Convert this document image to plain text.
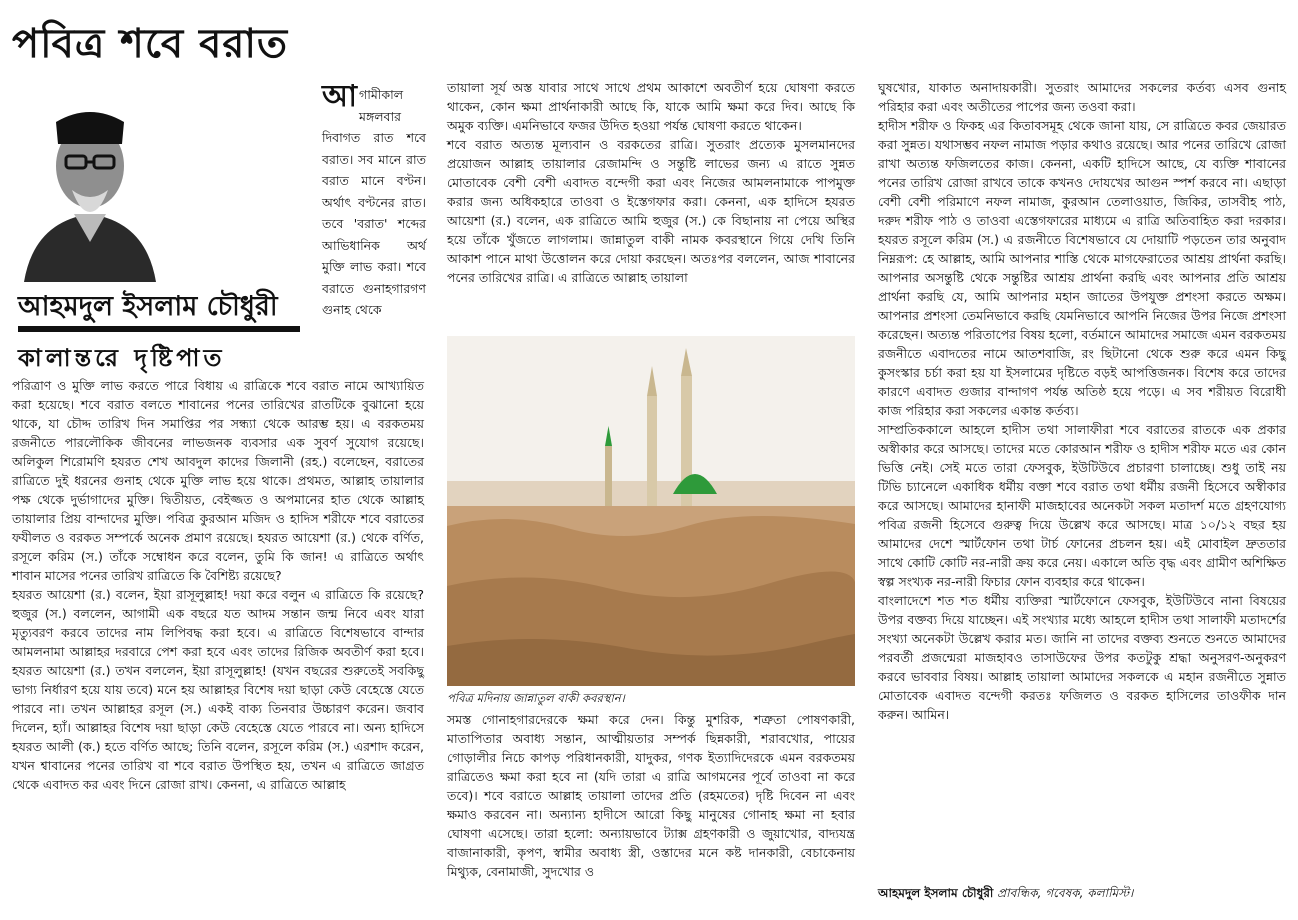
পবিত্র শবে বরাত
আহমদুল ইসলাম চৌধুরী
কালান্তরে দৃষ্টিপাত
আগামীকাল মঙ্গলবার দিবাগত রাত শবে বরাত। সব মানে রাত বরাত মানে বণ্টন। অর্থাৎ বণ্টনের রাত। তবে 'বরাত' শব্দের আভিধানিক অর্থ মুক্তি লাভ করা। শবে বরাতে গুনাহগারগণ গুনাহ থেকে

পরিত্রাণ ও মুক্তি লাভ করতে পারে বিধায় এ রাত্রিকে শবে বরাত নামে আখ্যায়িত করা হয়েছে। শবে বরাত বলতে শাবানের পনের তারিখের রাতটিকে বুঝানো হয়ে থাকে, যা চৌদ্দ তারিখ দিন সমাপ্তির পর সন্ধ্যা থেকে আরম্ভ হয়। এ বরকতময় রজনীতে পারলৌকিক জীবনের লাভজনক ব্যবসার এক সুবর্ণ সুযোগ রয়েছে। অলিকুল শিরোমণি হযরত শেখ আবদুল কাদের জিলানী (রহ.) বলেছেন, বরাতের রাত্রিতে দুই ধরনের গুনাহ থেকে মুক্তি লাভ হয়ে থাকে। প্রথমত, আল্লাহ তায়ালার পক্ষ থেকে দুর্ভাগাদের মুক্তি। দ্বিতীয়ত, বেইজ্জত ও অপমানের হাত থেকে আল্লাহ তায়ালার প্রিয় বান্দাদের মুক্তি। পবিত্র কুরআন মজিদ ও হাদিস শরীফে শবে বরাতের ফযীলত ও বরকত সম্পর্কে অনেক প্রমাণ রয়েছে। হযরত আয়েশা (র.) থেকে বর্ণিত, রসূলে করিম (স.) তাঁকে সম্বোধন করে বলেন, তুমি কি জান! এ রাত্রিতে অর্থাৎ শাবান মাসের পনের তারিখ রাত্রিতে কি বৈশিষ্ট্য রয়েছে?

হযরত আয়েশা (র.) বলেন, ইয়া রাসূলুল্লাহ! দয়া করে বলুন এ রাত্রিতে কি রয়েছে? হুজুর (স.) বললেন, আগামী এক বছরে যত আদম সন্তান জন্ম নিবে এবং যারা মৃত্যুবরণ করবে তাদের নাম লিপিবদ্ধ করা হবে। এ রাত্রিতে বিশেষভাবে বান্দার আমলনামা আল্লাহর দরবারে পেশ করা হবে এবং তাদের রিজিক অবতীর্ণ করা হবে। হযরত আয়েশা (র.) তখন বললেন, ইয়া রাসূলুল্লাহ! (যখন বছরের শুরুতেই সবকিছু ভাগ্য নির্ধারণ হয়ে যায় তবে) মনে হয় আল্লাহর বিশেষ দয়া ছাড়া কেউ বেহেস্তে যেতে পারবে না। তখন আল্লাহর রসূল (স.) একই বাক্য তিনবার উচ্চারণ করেন। জবাব দিলেন, হ্যাঁ। আল্লাহর বিশেষ দয়া ছাড়া কেউ বেহেস্তে যেতে পারবে না। অন্য হাদিসে হযরত আলী (ক.) হতে বর্ণিত আছে; তিনি বলেন, রসূলে করিম (স.) এরশাদ করেন, যখন শ্বাবানের পনের তারিখ বা শবে বরাত উপস্থিত হয়, তখন এ রাত্রিতে জাগ্রত থেকে এবাদত কর এবং দিনে রোজা রাখ। কেননা, এ রাত্রিতে আল্লাহ

তায়ালা সূর্য অস্ত যাবার সাথে সাথে প্রথম আকাশে অবতীর্ণ হয়ে ঘোষণা করতে থাকেন, কোন ক্ষমা প্রার্থনাকারী আছে কি, যাকে আমি ক্ষমা করে দিব। আছে কি অমুক ব্যক্তি। এমনিভাবে ফজর উদিত হওয়া পর্যন্ত ঘোষণা করতে থাকেন।

শবে বরাত অত্যন্ত মূল্যবান ও বরকতের রাত্রি। সুতরাং প্রত্যেক মুসলমানদের প্রয়োজন আল্লাহ তায়ালার রেজামন্দি ও সন্তুষ্টি লাভের জন্য এ রাতে সুন্নত মোতাবেক বেশী বেশী এবাদত বন্দেগী করা এবং নিজের আমলনামাকে পাপমুক্ত করার জন্য অধিকহারে তাওবা ও ইস্তেগফার করা। কেননা, এক হাদিসে হযরত আয়েশা (র.) বলেন, এক রাত্রিতে আমি হুজুর (স.) কে বিছানায় না পেয়ে অস্থির হয়ে তাঁকে খুঁজতে লাগলাম। জান্নাতুল বাকী নামক কবরস্থানে গিয়ে দেখি তিনি আকাশ পানে মাথা উত্তোলন করে দোয়া করছেন। অতঃপর বললেন, আজ শাবানের পনের তারিখের রাত্রি। এ রাত্রিতে আল্লাহ তায়ালা

পবিত্র মদিনায় জান্নাতুল বাকী কবরস্থান।

সমস্ত গোনাহগারদেরকে ক্ষমা করে দেন। কিন্তু মুশরিক, শত্রুতা পোষণকারী, মাতাপিতার অবাধ্য সন্তান, আত্মীয়তার সম্পর্ক ছিন্নকারী, শরাবখোর, পায়ের গোড়ালীর নিচে কাপড় পরিধানকারী, যাদুকর, গণক ইত্যাদিদেরকে এমন বরকতময় রাত্রিতেও ক্ষমা করা হবে না (যদি তারা এ রাত্রি আগমনের পূর্বে তাওবা না করে তবে)। শবে বরাতে আল্লাহ তায়ালা তাদের প্রতি (রহমতের) দৃষ্টি দিবেন না এবং ক্ষমাও করবেন না। অন্যান্য হাদীসে আরো কিছু মানুষের গোনাহ ক্ষমা না হবার ঘোষণা এসেছে। তারা হলো: অন্যায়ভাবে ট্যাক্স গ্রহণকারী ও জুয়াখোর, বাদ্যযন্ত্র বাজানাকারী, কৃপণ, স্বামীর অবাধ্য স্ত্রী, ওস্তাদের মনে কষ্ট দানকারী, বেচাকেনায় মিথ্যুক, বেনামাজী, সুদখোর ও

ঘুষখোর, যাকাত অনাদায়কারী। সুতরাং আমাদের সকলের কর্তব্য এসব গুনাহ পরিহার করা এবং অতীতের পাপের জন্য তওবা করা।

হাদীস শরীফ ও ফিকহ এর কিতাবসমূহ থেকে জানা যায়, সে রাত্রিতে কবর জেয়ারত করা সুন্নত। যথাসম্ভব নফল নামাজ পড়ার কথাও রয়েছে। আর পনের তারিখে রোজা রাখা অত্যন্ত ফজিলতের কাজ। কেননা, একটি হাদিসে আছে, যে ব্যক্তি শাবানের পনের তারিখ রোজা রাখবে তাকে কখনও দোযখের আগুন স্পর্শ করবে না। এছাড়া বেশী বেশী পরিমাণে নফল নামাজ, কুরআন তেলাওয়াত, জিকির, তাসবীহ পাঠ, দরুদ শরীফ পাঠ ও তাওবা এস্তেগফারের মাধ্যমে এ রাত্রি অতিবাহিত করা দরকার। হযরত রসূলে করিম (স.) এ রজনীতে বিশেষভাবে যে দোয়াটি পড়তেন তার অনুবাদ নিম্নরূপ: হে আল্লাহ, আমি আপনার শাস্তি থেকে মাগফেরাতের আশ্রয় প্রার্থনা করছি। আপনার অসন্তুষ্টি থেকে সন্তুষ্টির আশ্রয় প্রার্থনা করছি এবং আপনার প্রতি আশ্রয় প্রার্থনা করছি যে, আমি আপনার মহান জাতের উপযুক্ত প্রশংসা করতে অক্ষম। আপনার প্রশংসা তেমনিভাবে করছি যেমনিভাবে আপনি নিজের উপর নিজে প্রশংসা করেছেন। অত্যন্ত পরিতাপের বিষয় হলো, বর্তমানে আমাদের সমাজে এমন বরকতময় রজনীতে এবাদতের নামে আতশবাজি, রং ছিটানো থেকে শুরু করে এমন কিছু কুসংস্কার চর্চা করা হয় যা ইসলামের দৃষ্টিতে বড়ই আপত্তিজনক। বিশেষ করে তাদের কারণে এবাদত গুজার বান্দাগণ পর্যন্ত অতিষ্ঠ হয়ে পড়ে। এ সব শরীয়ত বিরোধী কাজ পরিহার করা সকলের একান্ত কর্তব্য।

সাম্প্রতিককালে আহলে হাদীস তথা সালাফীরা শবে বরাতের রাতকে এক প্রকার অস্বীকার করে আসছে। তাদের মতে কোরআন শরীফ ও হাদীস শরীফ মতে এর কোন ভিত্তি নেই। সেই মতে তারা ফেসবুক, ইউটিউবে প্রচারণা চালাচ্ছে। শুধু তাই নয় টিভি চ্যানেলে একাধিক ধর্মীয় বক্তা শবে বরাত তথা ধর্মীয় রজনী হিসেবে অস্বীকার করে আসছে। আমাদের হানাফী মাজহাবের অনেকটা সকল মতাদর্শ মতে গ্রহণযোগ্য পবিত্র রজনী হিসেবে গুরুত্ব দিয়ে উল্লেখ করে আসছে। মাত্র ১০/১২ বছর হয় আমাদের দেশে স্মার্টফোন তথা টার্চ ফোনের প্রচলন হয়। এই মোবাইল দ্রুততার সাথে কোটি কোটি নর-নারী ক্রয় করে নেয়। একালে অতি বৃদ্ধ এবং গ্রামীণ অশিক্ষিত স্বল্প সংখ্যক নর-নারী ফিচার ফোন ব্যবহার করে থাকেন।

বাংলাদেশে শত শত ধর্মীয় ব্যক্তিরা স্মার্টফোনে ফেসবুক, ইউটিউবে নানা বিষয়ের উপর বক্তব্য দিয়ে যাচ্ছেন। এই সংখ্যার মধ্যে আহলে হাদীস তথা সালাফী মতাদর্শের সংখ্যা অনেকটা উল্লেখ করার মত। জানি না তাদের বক্তব্য শুনতে শুনতে আমাদের পরবর্তী প্রজন্মেরা মাজহাবও তাসাউফের উপর কতটুকু শ্রদ্ধা অনুসরণ-অনুকরণ করবে ভাববার বিষয়। আল্লাহ তায়ালা আমাদের সকলকে এ মহান রজনীতে সুন্নাত মোতাবেক এবাদত বন্দেগী করতঃ ফজিলত ও বরকত হাসিলের তাওফীক দান করুন। আমিন।

আহমদুল ইসলাম চৌধুরী প্রাবন্ধিক, গবেষক, কলামিস্ট।
